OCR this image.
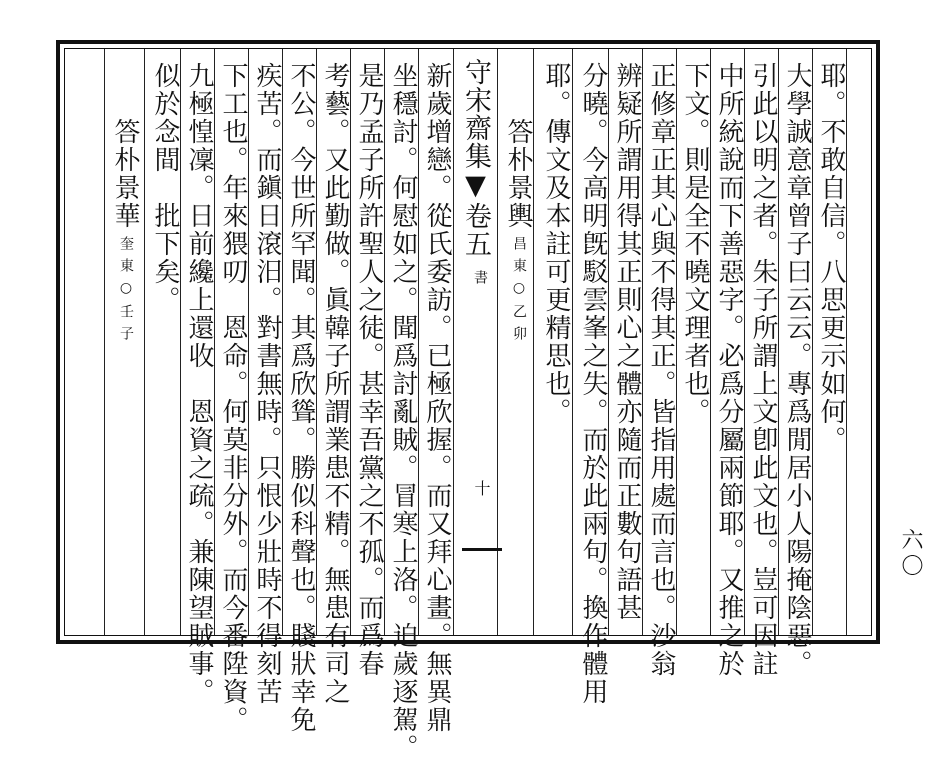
耶。不敢自信。八思更示如何。
大學誠意章曾子曰云云。專爲閒居小人陽掩陰惡。
引此以明之者。朱子所謂上文卽此文也。豈可因註
中所統說而下善惡字。必爲分屬兩節耶。又推之於
下文。則是全不曉文理者也。
正修章正其心與不得其正。皆指用處而言也。沙翁
辨疑所謂用得其正則心之體亦隨而正數句語甚
分曉。今高明旣駁雲峯之失。而於此兩句。換作體用
耶。傳文及本註可更精思也。
答朴景輿
昌東○乙卯
守宋齋集▼卷五
書
十
新歲增戀。從氏委訪。已極欣握。而又拜心畫。無異鼎
坐穩討。何慰如之。聞爲討亂賊。冒寒上洛。迫歲逐駕。
是乃孟子所許聖人之徒。甚幸吾黨之不孤。而爲春
考藝。又此勤做。眞韓子所謂業患不精。無患有司之
不公。今世所罕聞。其爲欣聳。勝似科聲也。賤狀幸免
疾苦。而鎭日滾汨。對書無時。只恨少壯時不得刻苦
下工也。年來猥叨　恩命。何莫非分外。而今番陞資。
九極惶凜。日前纔上還收　恩資之疏。兼陳望賊事。
似於念間　批下矣。
答朴景華
奎東○壬子
六〇
